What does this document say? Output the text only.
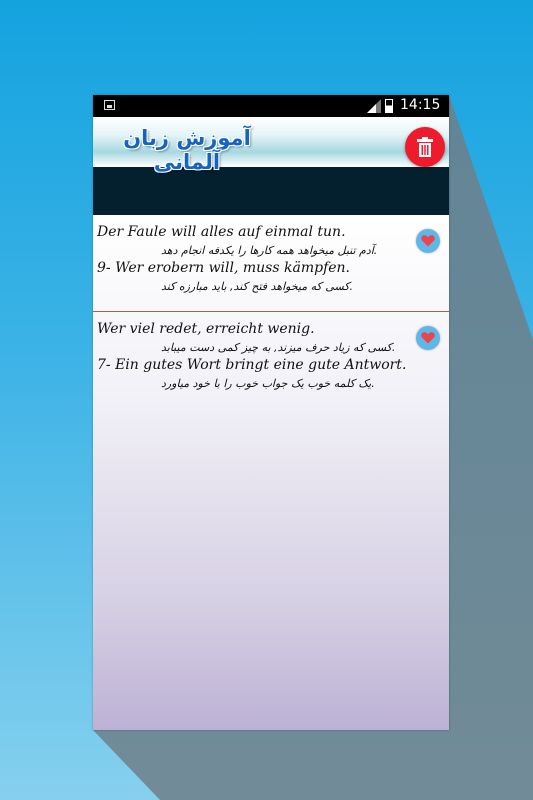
14:15
آموزش زبان آلمانی
Der Faule will alles auf einmal tun.
.آدم تنبل میخواهد همه کارها را یکدفه انجام دهد
9- Wer erobern will, muss kämpfen.
.کسی که میخواهد فتح کند, باید مبارزه کند
Wer viel redet, erreicht wenig.
.کسی که زیاد حرف میزند, به چیز کمی دست میبابد
7- Ein gutes Wort bringt eine gute Antwort.
.یک کلمه خوب یک جواب خوب را با خود میاورد
